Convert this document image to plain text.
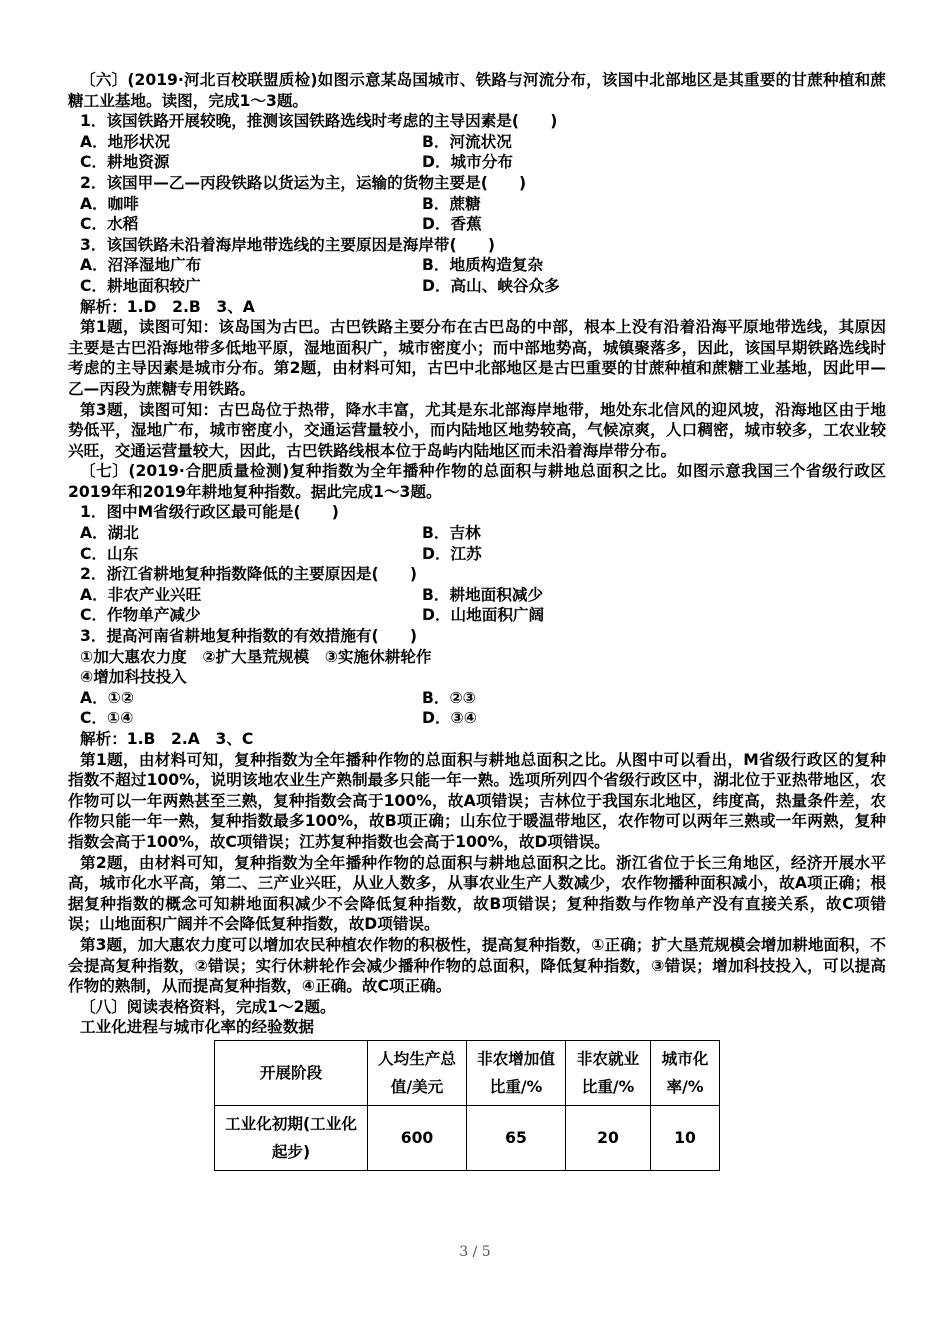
〔六〕(2019·河北百校联盟质检)如图示意某岛国城市、铁路与河流分布，该国中北部地区是其重要的甘蔗种植和蔗糖工业基地。读图，完成1～3题。

1．该国铁路开展较晚，推测该国铁路选线时考虑的主导因素是(　　)

A．地形状况	B．河流状况
C．耕地资源	D．城市分布

2．该国甲—乙—丙段铁路以货运为主，运输的货物主要是(　　)

A．咖啡	B．蔗糖
C．水稻	D．香蕉

3．该国铁路未沿着海岸地带选线的主要原因是海岸带(　　)

A．沼泽湿地广布	B．地质构造复杂
C．耕地面积较广	D．高山、峡谷众多

解析：1.D　2.B　3、A

第1题，读图可知：该岛国为古巴。古巴铁路主要分布在古巴岛的中部，根本上没有沿着沿海平原地带选线，其原因主要是古巴沿海地带多低地平原，湿地面积广，城市密度小；而中部地势高，城镇聚落多，因此，该国早期铁路选线时考虑的主导因素是城市分布。第2题，由材料可知，古巴中北部地区是古巴重要的甘蔗种植和蔗糖工业基地，因此甲—乙—丙段为蔗糖专用铁路。

第3题，读图可知：古巴岛位于热带，降水丰富，尤其是东北部海岸地带，地处东北信风的迎风坡，沿海地区由于地势低平，湿地广布，城市密度小，交通运营量较小，而内陆地区地势较高，气候凉爽，人口稠密，城市较多，工农业较兴旺，交通运营量较大，因此，古巴铁路线根本位于岛屿内陆地区而未沿着海岸带分布。

〔七〕(2019·合肥质量检测)复种指数为全年播种作物的总面积与耕地总面积之比。如图示意我国三个省级行政区2019年和2019年耕地复种指数。据此完成1～3题。

1．图中M省级行政区最可能是(　　)

A．湖北	B．吉林
C．山东	D．江苏

2．浙江省耕地复种指数降低的主要原因是(　　)

A．非农产业兴旺	B．耕地面积减少
C．作物单产减少	D．山地面积广阔

3．提高河南省耕地复种指数的有效措施有(　　)

①加大惠农力度　②扩大垦荒规模　③实施休耕轮作

④增加科技投入

A．①②	B．②③
C．①④	D．③④

解析：1.B　2.A　3、C

第1题，由材料可知，复种指数为全年播种作物的总面积与耕地总面积之比。从图中可以看出，M省级行政区的复种指数不超过100%，说明该地农业生产熟制最多只能一年一熟。选项所列四个省级行政区中，湖北位于亚热带地区，农作物可以一年两熟甚至三熟，复种指数会高于100%，故A项错误；吉林位于我国东北地区，纬度高，热量条件差，农作物只能一年一熟，复种指数最多100%，故B项正确；山东位于暖温带地区，农作物可以两年三熟或一年两熟，复种指数会高于100%，故C项错误；江苏复种指数也会高于100%，故D项错误。

第2题，由材料可知，复种指数为全年播种作物的总面积与耕地总面积之比。浙江省位于长三角地区，经济开展水平高，城市化水平高，第二、三产业兴旺，从业人数多，从事农业生产人数减少，农作物播种面积减小，故A项正确；根据复种指数的概念可知耕地面积减少不会降低复种指数，故B项错误；复种指数与作物单产没有直接关系，故C项错误；山地面积广阔并不会降低复种指数，故D项错误。

第3题，加大惠农力度可以增加农民种植农作物的积极性，提高复种指数，①正确；扩大垦荒规模会增加耕地面积，不会提高复种指数，②错误；实行休耕轮作会减少播种作物的总面积，降低复种指数，③错误；增加科技投入，可以提高作物的熟制，从而提高复种指数，④正确。故C项正确。

〔八〕阅读表格资料，完成1～2题。

工业化进程与城市化率的经验数据

开展阶段	人均生产总值/美元	非农增加值比重/%	非农就业比重/%	城市化率/%
工业化初期(工业化起步)	600	65	20	10
3 / 5
